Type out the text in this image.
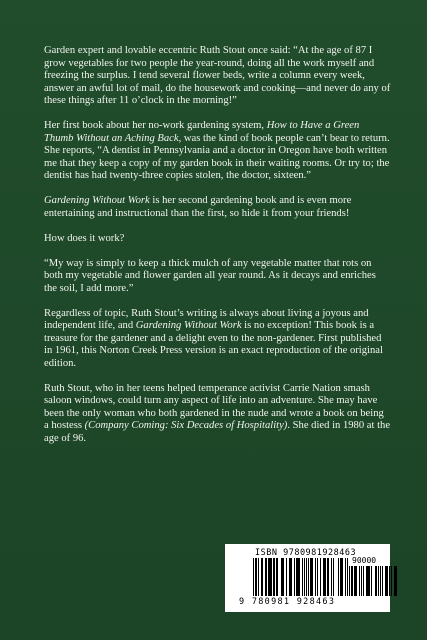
Garden expert and lovable eccentric Ruth Stout once said: “At the age of 87 I grow vegetables for two people the year-round, doing all the work myself and freezing the surplus. I tend several flower beds, write a column every week, answer an awful lot of mail, do the housework and cooking—and never do any of these things after 11 o’clock in the morning!”

Her first book about her no-work gardening system, How to Have a Green Thumb Without an Aching Back, was the kind of book people can’t bear to return. She reports, “A dentist in Pennsylvania and a doctor in Oregon have both written me that they keep a copy of my garden book in their waiting rooms. Or try to; the dentist has had twenty-three copies stolen, the doctor, sixteen.”

Gardening Without Work is her second gardening book and is even more entertaining and instructional than the first, so hide it from your friends!

How does it work?

“My way is simply to keep a thick mulch of any vegetable matter that rots on both my vegetable and flower garden all year round. As it decays and enriches the soil, I add more.”

Regardless of topic, Ruth Stout’s writing is always about living a joyous and independent life, and Gardening Without Work is no exception! This book is a treasure for the gardener and a delight even to the non-gardener. First published in 1961, this Norton Creek Press version is an exact reproduction of the original edition.

Ruth Stout, who in her teens helped temperance activist Carrie Nation smash saloon windows, could turn any aspect of life into an adventure. She may have been the only woman who both gardened in the nude and wrote a book on being a hostess (Company Coming: Six Decades of Hospitality). She died in 1980 at the age of 96.

ISBN 9780981928463
90000
9 780981 928463
